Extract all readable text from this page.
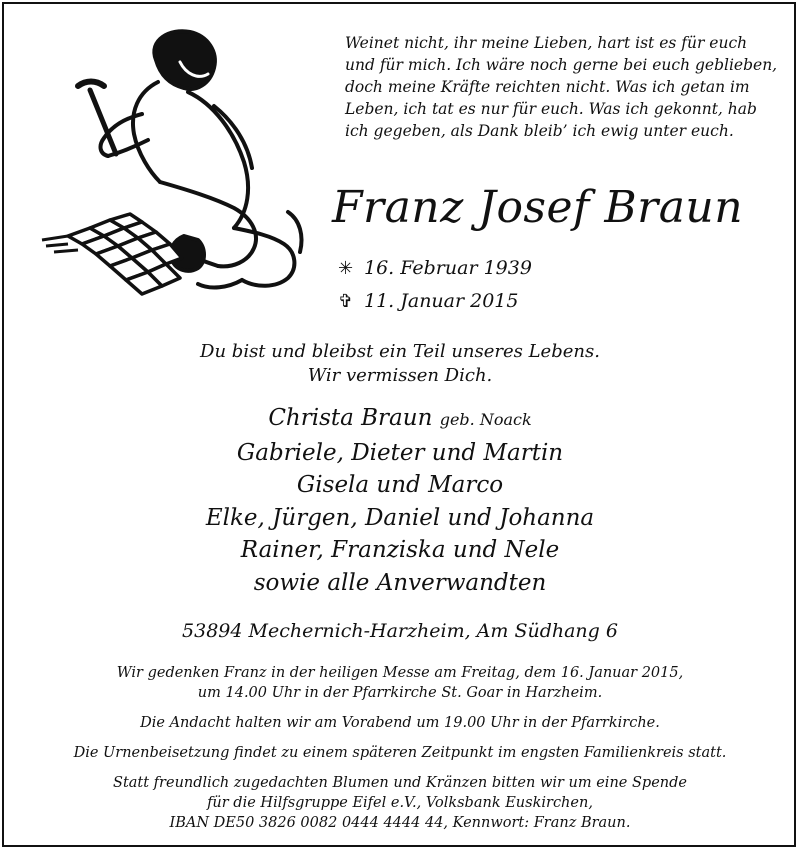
Weinet nicht, ihr meine Lieben, hart ist es für euch
und für mich. Ich wäre noch gerne bei euch geblieben,
doch meine Kräfte reichten nicht. Was ich getan im
Leben, ich tat es nur für euch. Was ich gekonnt, hab
ich gegeben, als Dank bleib’ ich ewig unter euch.
Franz Josef Braun
✳ 16. Februar 1939
✞ 11. Januar 2015
Du bist und bleibst ein Teil unseres Lebens.
Wir vermissen Dich.
Christa Braun geb. Noack
Gabriele, Dieter und Martin
Gisela und Marco
Elke, Jürgen, Daniel und Johanna
Rainer, Franziska und Nele
sowie alle Anverwandten
53894 Mechernich-Harzheim, Am Südhang 6
Wir gedenken Franz in der heiligen Messe am Freitag, dem 16. Januar 2015,
um 14.00 Uhr in der Pfarrkirche St. Goar in Harzheim.
Die Andacht halten wir am Vorabend um 19.00 Uhr in der Pfarrkirche.
Die Urnenbeisetzung findet zu einem späteren Zeitpunkt im engsten Familienkreis statt.
Statt freundlich zugedachten Blumen und Kränzen bitten wir um eine Spende
für die Hilfsgruppe Eifel e.V., Volksbank Euskirchen,
IBAN DE50 3826 0082 0444 4444 44, Kennwort: Franz Braun.
